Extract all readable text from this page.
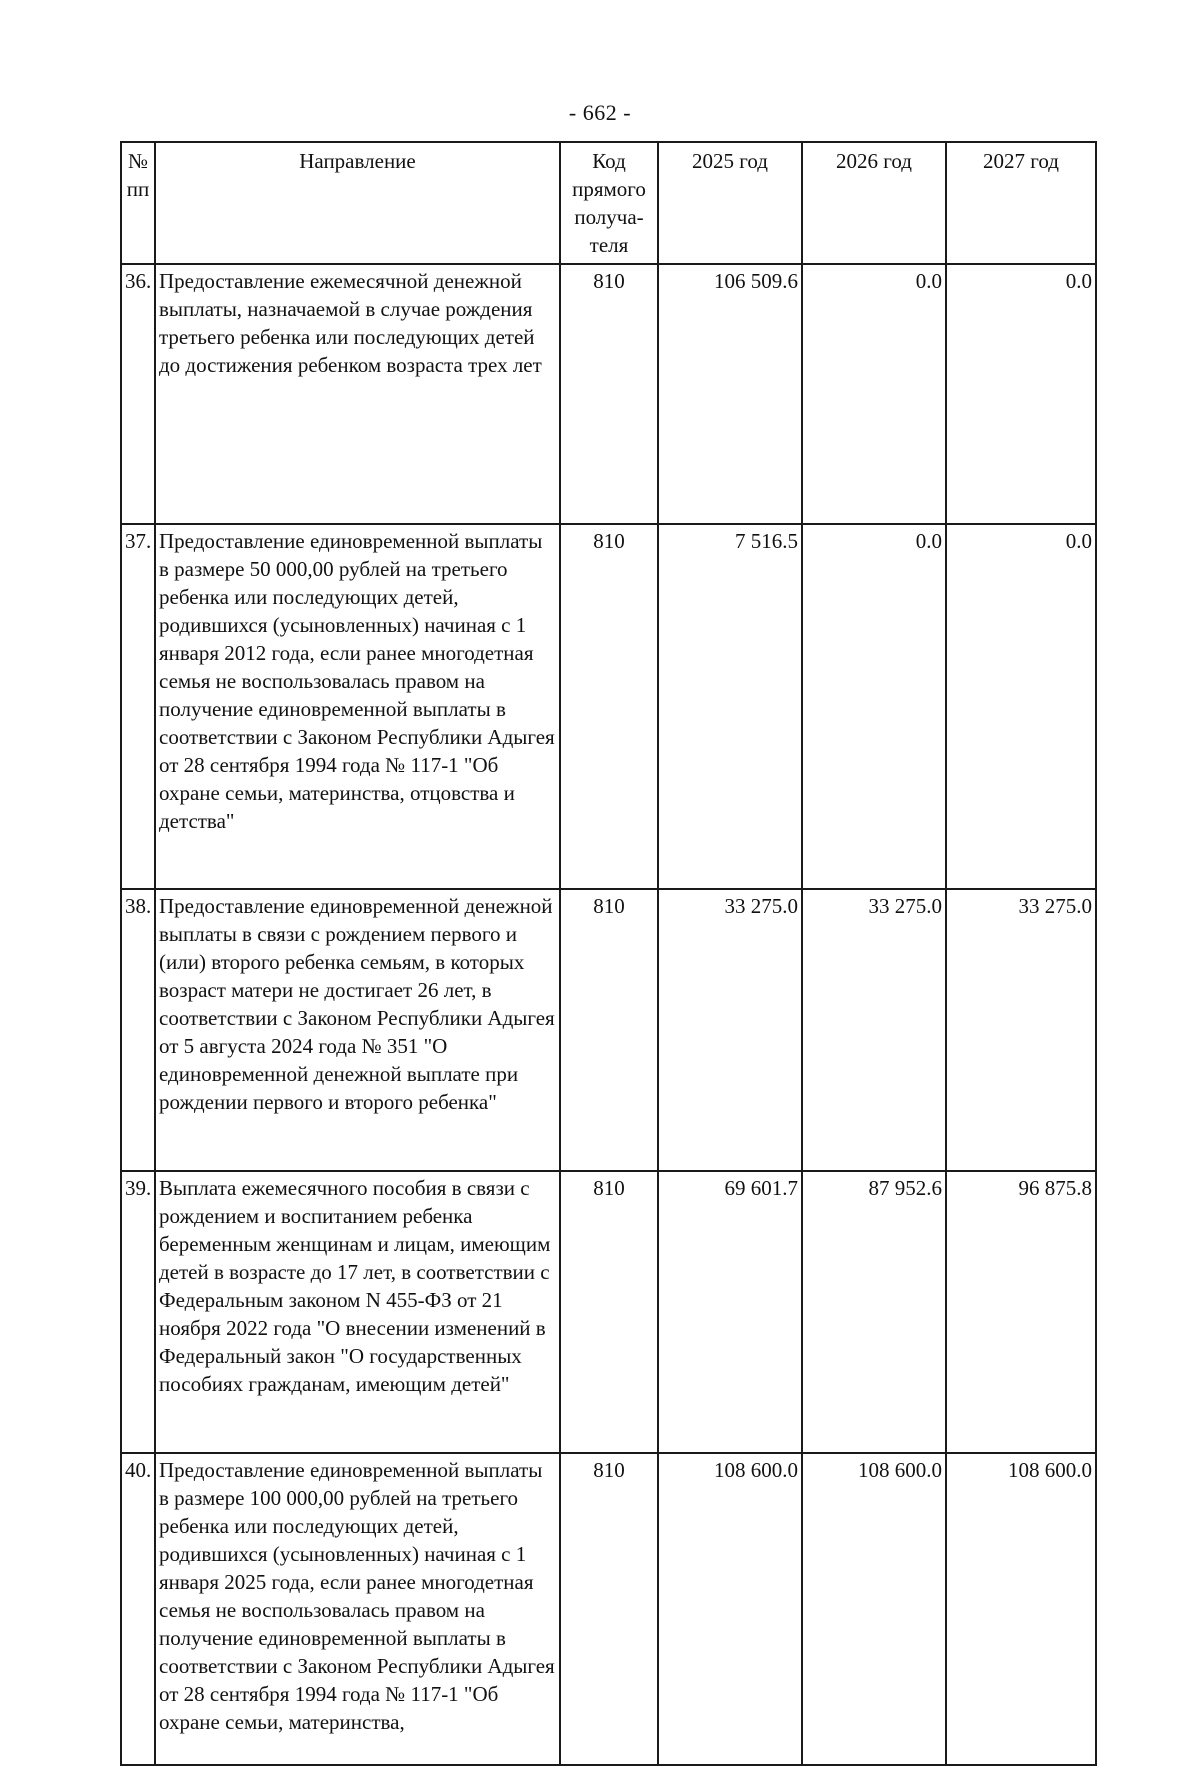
- 662 -
№ пп	Направление	Код прямого получа- теля	2025 год	2026 год	2027 год
36.	Предоставление ежемесячной денежной выплаты, назначаемой в случае рождения третьего ребенка или последующих детей до достижения ребенком возраста трех лет	810	106 509.6	0.0	0.0
37.	Предоставление единовременной выплаты в размере 50 000,00 рублей на третьего ребенка или последующих детей, родившихся (усыновленных) начиная с 1 января 2012 года, если ранее многодетная семья не воспользовалась правом на получение единовременной выплаты в соответствии с Законом Республики Адыгея от 28 сентября 1994 года № 117-1 "Об охране семьи, материнства, отцовства и детства"	810	7 516.5	0.0	0.0
38.	Предоставление единовременной денежной выплаты в связи с рождением первого и (или) второго ребенка семьям, в которых возраст матери не достигает 26 лет, в соответствии с Законом Республики Адыгея от 5 августа 2024 года № 351 "О единовременной денежной выплате при рождении первого и второго ребенка"	810	33 275.0	33 275.0	33 275.0
39.	Выплата ежемесячного пособия в связи с рождением и воспитанием ребенка беременным женщинам и лицам, имеющим детей в возрасте до 17 лет, в соответствии с Федеральным законом N 455-ФЗ от 21 ноября 2022 года "О внесении изменений в Федеральный закон "О государственных пособиях гражданам, имеющим детей"	810	69 601.7	87 952.6	96 875.8
40.	Предоставление единовременной выплаты в размере 100 000,00 рублей на третьего ребенка или последующих детей, родившихся (усыновленных) начиная с 1 января 2025 года, если ранее многодетная семья не воспользовалась правом на получение единовременной выплаты в соответствии с Законом Республики Адыгея от 28 сентября 1994 года № 117-1 "Об охране семьи, материнства,	810	108 600.0	108 600.0	108 600.0
